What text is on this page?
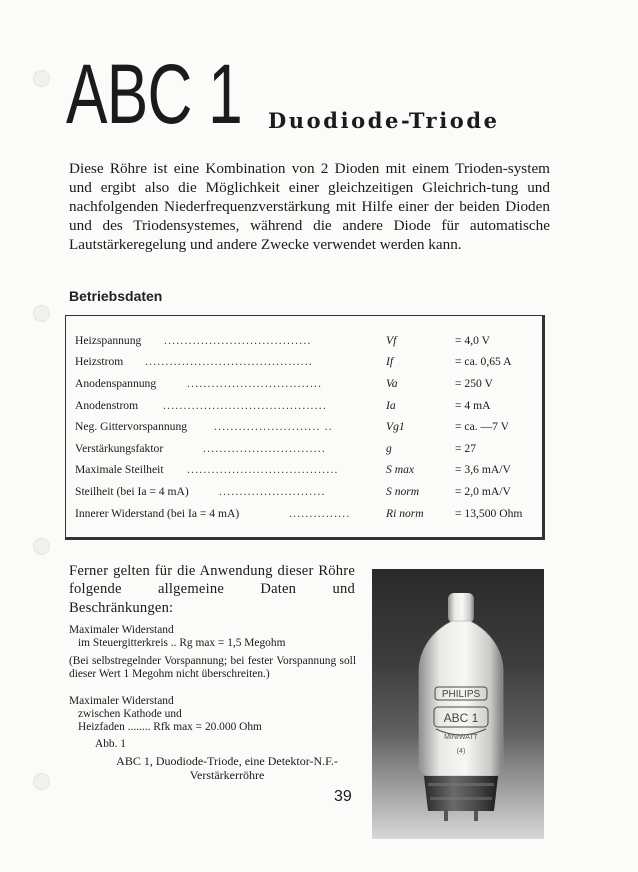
ABC 1 Duodiode-Triode

Diese Röhre ist eine Kombination von 2 Dioden mit einem Trioden-system und ergibt also die Möglichkeit einer gleichzeitigen Gleichrich-tung und nachfolgenden Niederfrequenzverstärkung mit Hilfe einer der beiden Dioden und des Triodensystemes, während die andere Diode für automatische Lautstärkeregelung und andere Zwecke verwendet werden kann.

Betriebsdaten
Heizspannung ....................................	Vf	= 4,0 V
Heizstrom .........................................	If	= ca. 0,65 A
Anodenspannung	.................................	Va	= 250 V
Anodenstrom ........................................	Ia	= 4 mA
Neg. Gittervorspannung .......................... ..	Vg1	= ca. —7 V
Verstärkungsfaktor	..............................	g	= 27
Maximale Steilheit .....................................	S max	= 3,6 mA/V
Steilheit (bei Ia = 4 mA)	..........................	S norm	= 2,0 mA/V
Innerer Widerstand (bei Ia = 4 mA)	...............	Ri norm	= 13,500 Ohm

Ferner gelten für die Anwendung dieser Röhre folgende allgemeine Daten und Beschränkungen:

Maximaler Widerstand
im Steuergitterkreis .. Rg max = 1,5 Megohm
(Bei selbstregelnder Vorspannung; bei fester Vorspannung soll dieser Wert 1 Megohm nicht überschreiten.)
Maximaler Widerstand
zwischen Kathode und
Heizfaden ........ Rfk max = 20.000 Ohm
Abb. 1
ABC 1, Duodiode-Triode, eine Detektor-N.F.-Verstärkerröhre
PHILIPS
ABC 1
MINIWATT
(4)
39
